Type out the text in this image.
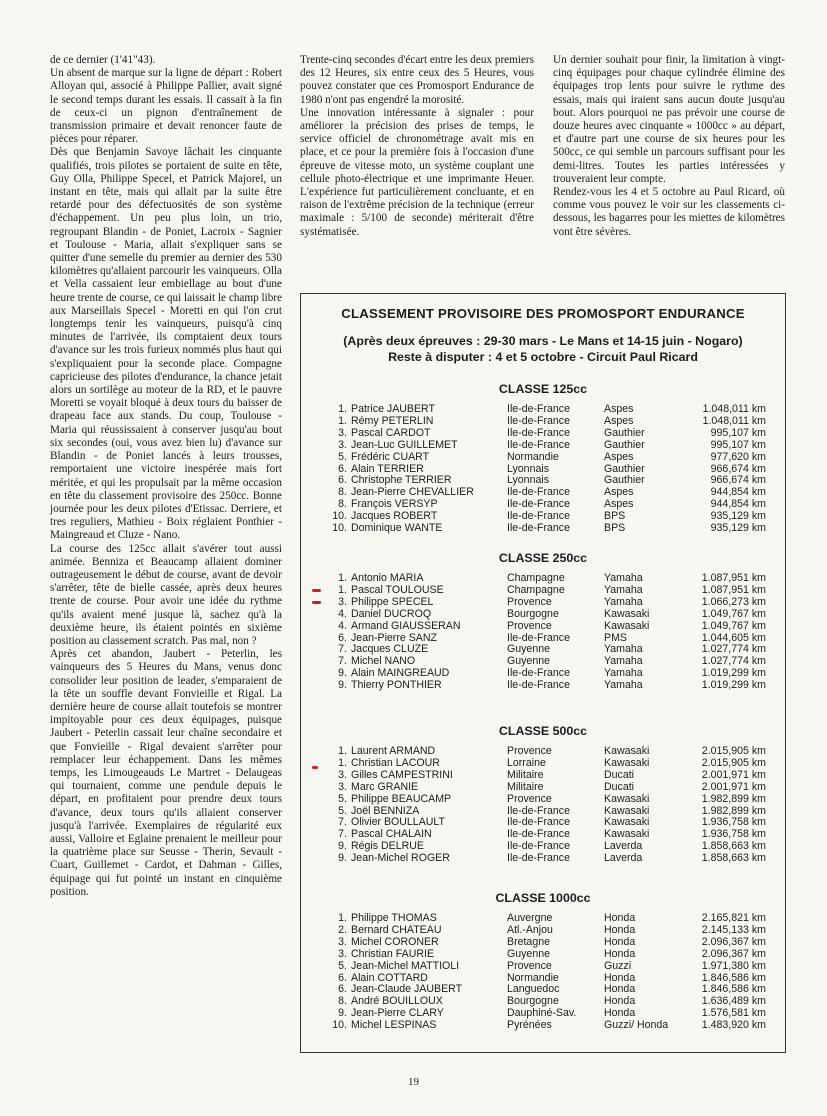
de ce dernier (1'41"43).

Un absent de marque sur la ligne de départ : Robert Alloyan qui, associé à Philippe Pallier, avait signé le second temps durant les essais. Il cassait à la fin de ceux-ci un pignon d'entraînement de transmission primaire et devait renoncer faute de pièces pour réparer.

Dès que Benjamin Savoye lâchait les cinquante qualifiés, trois pilotes se portaient de suite en tête, Guy Olla, Philippe Specel, et Patrick Majorel, un instant en tête, mais qui allait par la suite être retardé pour des défectuosités de son système d'échappement. Un peu plus loin, un trio, regroupant Blandin - de Poniet, Lacroix - Sagnier et Toulouse - Maria, allait s'expliquer sans se quitter d'une semelle du premier au dernier des 530 kilomètres qu'allaient parcourir les vainqueurs. Olla et Vella cassaient leur embiellage au bout d'une heure trente de course, ce qui laissait le champ libre aux Marseillais Specel - Moretti en qui l'on crut longtemps tenir les vainqueurs, puisqu'à cinq minutes de l'arrivée, ils comptaient deux tours d'avance sur les trois furieux nommés plus haut qui s'expliquaient pour la seconde place. Compagne capricieuse des pilotes d'endurance, la chance jetait alors un sortilège au moteur de la RD, et le pauvre Moretti se voyait bloqué à deux tours du baisser de drapeau face aux stands. Du coup, Toulouse - Maria qui réussissaient à conserver jusqu'au bout six secondes (oui, vous avez bien lu) d'avance sur Blandin - de Poniet lancés à leurs trousses, remportaient une victoire inespérée mais fort méritée, et qui les propulsait par la même occasion en tête du classement provisoire des 250cc. Bonne journée pour les deux pilotes d'Etissac. Derriere, et tres reguliers, Mathieu - Boix réglaient Ponthier - Maingreaud et Cluze - Nano.

La course des 125cc allait s'avérer tout aussi animée. Benniza et Beaucamp allaient dominer outrageusement le début de course, avant de devoir s'arrêter, tête de bielle cassée, après deux heures trente de course. Pour avoir une idée du rythme qu'ils avaient mené jusque là, sachez qu'à la deuxième heure, ils étaient pointés en sixième position au classement scratch. Pas mal, non ?

Après cet abandon, Jaubert - Peterlin, les vainqueurs des 5 Heures du Mans, venus donc consolider leur position de leader, s'emparaient de la tête un souffle devant Fonvieille et Rigal. La dernière heure de course allait toutefois se montrer impitoyable pour ces deux équipages, puisque Jaubert - Peterlin cassait leur chaîne secondaire et que Fonvieille - Rigal devaient s'arrêter pour remplacer leur échappement. Dans les mêmes temps, les Limougeauds Le Martret - Delaugeas qui tournaient, comme une pendule depuis le départ, en profitaient pour prendre deux tours d'avance, deux tours qu'ils allaient conserver jusqu'à l'arrivée. Exemplaires de régularité eux aussi, Valloire et Eglaine prenaient le meilleur pour la quatrième place sur Seusse - Therin, Sevault - Cuart, Guillemet - Cardot, et Dahman - Gilles, équipage qui fut pointé un instant en cinquième position.

Trente-cinq secondes d'écart entre les deux premiers des 12 Heures, six entre ceux des 5 Heures, vous pouvez constater que ces Promosport Endurance de 1980 n'ont pas engendré la morosité.

Une innovation intéressante à signaler : pour améliorer la précision des prises de temps, le service officiel de chronométrage avait mis en place, et ce pour la première fois à l'occasion d'une épreuve de vitesse moto, un système couplant une cellule photo-électrique et une imprimante Heuer. L'expérience fut particulièrement concluante, et en raison de l'extrême précision de la technique (erreur maximale : 5/100 de seconde) mériterait d'être systématisée.

Un dernier souhait pour finir, la limitation à vingt-cinq équipages pour chaque cylindrée élimine des équipages trop lents pour suivre le rythme des essais, mais qui iraient sans aucun doute jusqu'au bout. Alors pourquoi ne pas prévoir une course de douze heures avec cinquante « 1000cc » au départ, et d'autre part une course de six heures pour les 500cc, ce qui semble un parcours suffisant pour les demi-litres. Toutes les parties intéressées y trouveraient leur compte.

Rendez-vous les 4 et 5 octobre au Paul Ricard, où comme vous pouvez le voir sur les classements ci-dessous, les bagarres pour les miettes de kilomètres vont être sévères.

CLASSEMENT PROVISOIRE DES PROMOSPORT ENDURANCE
(Après deux épreuves : 29-30 mars - Le Mans et 14-15 juin - Nogaro)
Reste à disputer : 4 et 5 octobre - Circuit Paul Ricard
CLASSE 125cc
1.	Patrice JAUBERT	Ile-de-France	Aspes	1.048,011 km
1.	Rémy PETERLIN	Ile-de-France	Aspes	1.048,011 km
3.	Pascal CARDOT	Ile-de-France	Gauthier	995,107 km
3.	Jean-Luc GUILLEMET	Ile-de-France	Gauthier	995,107 km
5.	Frédéric CUART	Normandie	Aspes	977,620 km
6.	Alain TERRIER	Lyonnais	Gauthier	966,674 km
6.	Christophe TERRIER	Lyonnais	Gauthier	966,674 km
8.	Jean-Pierre CHEVALLIER	Ile-de-France	Aspes	944,854 km
8.	François VERSYP	Ile-de-France	Aspes	944,854 km
10.	Jacques ROBERT	Ile-de-France	BPS	935,129 km
10.	Dominique WANTE	Ile-de-France	BPS	935,129 km
CLASSE 250cc
1.	Antonio MARIA	Champagne	Yamaha	1.087,951 km
1.	Pascal TOULOUSE	Champagne	Yamaha	1.087,951 km
3.	Philippe SPECEL	Provence	Yamaha	1.066,273 km
4.	Daniel DUCROQ	Bourgogne	Kawasaki	1.049,767 km
4.	Armand GIAUSSERAN	Provence	Kawasaki	1.049,767 km
6.	Jean-Pierre SANZ	Ile-de-France	PMS	1.044,605 km
7.	Jacques CLUZE	Guyenne	Yamaha	1.027,774 km
7.	Michel NANO	Guyenne	Yamaha	1.027,774 km
9.	Alain MAINGREAUD	Ile-de-France	Yamaha	1.019,299 km
9.	Thierry PONTHIER	Ile-de-France	Yamaha	1.019,299 km
CLASSE 500cc
1.	Laurent ARMAND	Provence	Kawasaki	2.015,905 km
1.	Christian LACOUR	Lorraine	Kawasaki	2.015,905 km
3.	Gilles CAMPESTRINI	Militaire	Ducati	2.001,971 km
3.	Marc GRANIE	Militaire	Ducati	2.001,971 km
5.	Philippe BEAUCAMP	Provence	Kawasaki	1.982,899 km
5.	Joël BENNIZA	Ile-de-France	Kawasaki	1.982,899 km
7.	Olivier BOULLAULT	Ile-de-France	Kawasaki	1.936,758 km
7.	Pascal CHALAIN	Ile-de-France	Kawasaki	1.936,758 km
9.	Régis DELRUE	Ile-de-France	Laverda	1.858,663 km
9.	Jean-Michel ROGER	Ile-de-France	Laverda	1.858,663 km
CLASSE 1000cc
1.	Philippe THOMAS	Auvergne	Honda	2.165,821 km
2.	Bernard CHATEAU	Atl.-Anjou	Honda	2.145,133 km
3.	Michel CORONER	Bretagne	Honda	2.096,367 km
3.	Christian FAURIE	Guyenne	Honda	2.096,367 km
5.	Jean-Michel MATTIOLI	Provence	Guzzi	1.971,380 km
6.	Alain COTTARD	Normandie	Honda	1.846,586 km
6.	Jean-Claude JAUBERT	Languedoc	Honda	1.846,586 km
8.	André BOUILLOUX	Bourgogne	Honda	1.636,489 km
9.	Jean-Pierre CLARY	Dauphiné-Sav.	Honda	1.576,581 km
10.	Michel LESPINAS	Pyrénées	Guzzi/ Honda	1.483,920 km
19
